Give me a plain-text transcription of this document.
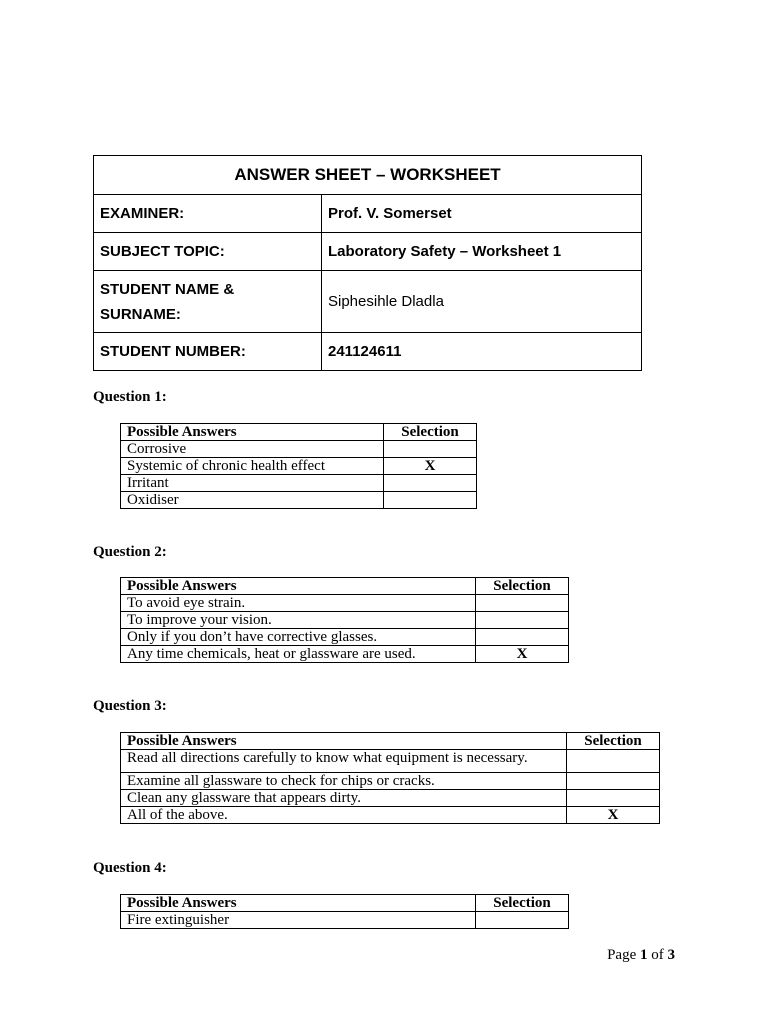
ANSWER SHEET – WORKSHEET	
EXAMINER:	Prof. V. Somerset
SUBJECT TOPIC:	Laboratory Safety – Worksheet 1

STUDENT NAME &
SURNAME:	Siphesihle Dladla
STUDENT NUMBER:	241124611
Question 1:
Possible Answers	Selection
Corrosive	
Systemic of chronic health effect	X
Irritant	
Oxidiser	
Question 2:
Possible Answers	Selection
To avoid eye strain.	
To improve your vision.	
Only if you don’t have corrective glasses.	
Any time chemicals, heat or glassware are used.	X
Question 3:
Possible Answers	Selection
Read all directions carefully to know what equipment is necessary.	
Examine all glassware to check for chips or cracks.	
Clean any glassware that appears dirty.	
All of the above.	X
Question 4:
Possible Answers	Selection
Fire extinguisher	
Page 1 of 3
